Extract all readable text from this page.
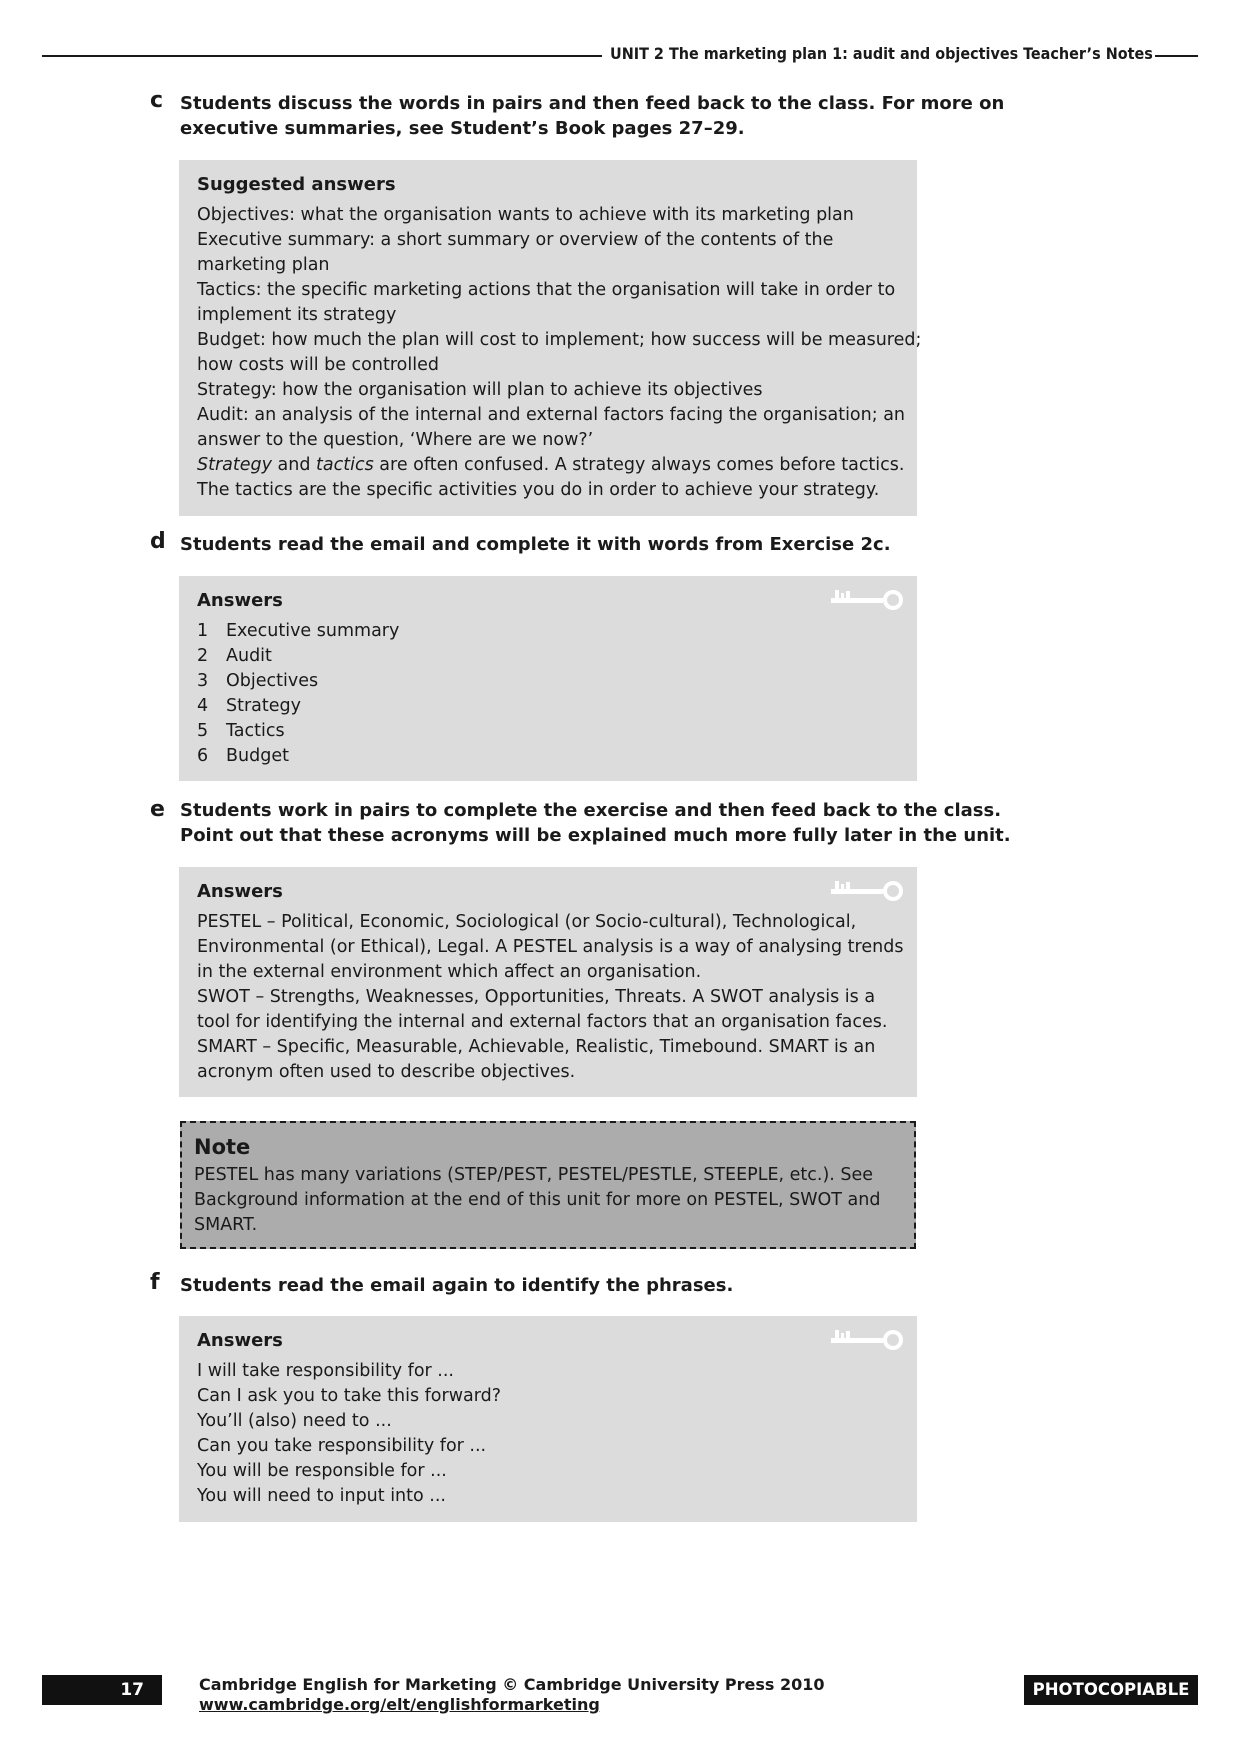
UNIT 2 The marketing plan 1: audit and objectives Teacher’s Notes
c Students discuss the words in pairs and then feed back to the class. For more on
executive summaries, see Student’s Book pages 27–29.
Suggested answers
Objectives: what the organisation wants to achieve with its marketing plan
Executive summary: a short summary or overview of the contents of the
marketing plan
Tactics: the specific marketing actions that the organisation will take in order to
implement its strategy
Budget: how much the plan will cost to implement; how success will be measured;
how costs will be controlled
Strategy: how the organisation will plan to achieve its objectives
Audit: an analysis of the internal and external factors facing the organisation; an
answer to the question, ‘Where are we now?’
Strategy and tactics are often confused. A strategy always comes before tactics.
The tactics are the specific activities you do in order to achieve your strategy.
d Students read the email and complete it with words from Exercise 2c.
Answers
1 Executive summary
2 Audit
3 Objectives
4 Strategy
5 Tactics
6 Budget
e Students work in pairs to complete the exercise and then feed back to the class.
Point out that these acronyms will be explained much more fully later in the unit.
Answers
PESTEL – Political, Economic, Sociological (or Socio-cultural), Technological,
Environmental (or Ethical), Legal. A PESTEL analysis is a way of analysing trends
in the external environment which affect an organisation.
SWOT – Strengths, Weaknesses, Opportunities, Threats. A SWOT analysis is a
tool for identifying the internal and external factors that an organisation faces.
SMART – Specific, Measurable, Achievable, Realistic, Timebound. SMART is an
acronym often used to describe objectives.
Note
PESTEL has many variations (STEP/PEST, PESTEL/PESTLE, STEEPLE, etc.). See
Background information at the end of this unit for more on PESTEL, SWOT and
SMART.
f Students read the email again to identify the phrases.
Answers
I will take responsibility for ...
Can I ask you to take this forward?
You’ll (also) need to ...
Can you take responsibility for ...
You will be responsible for ...
You will need to input into ...
17	Cambridge English for Marketing © Cambridge University Press 2010
www.cambridge.org/elt/englishformarketing
PHOTOCOPIABLE
